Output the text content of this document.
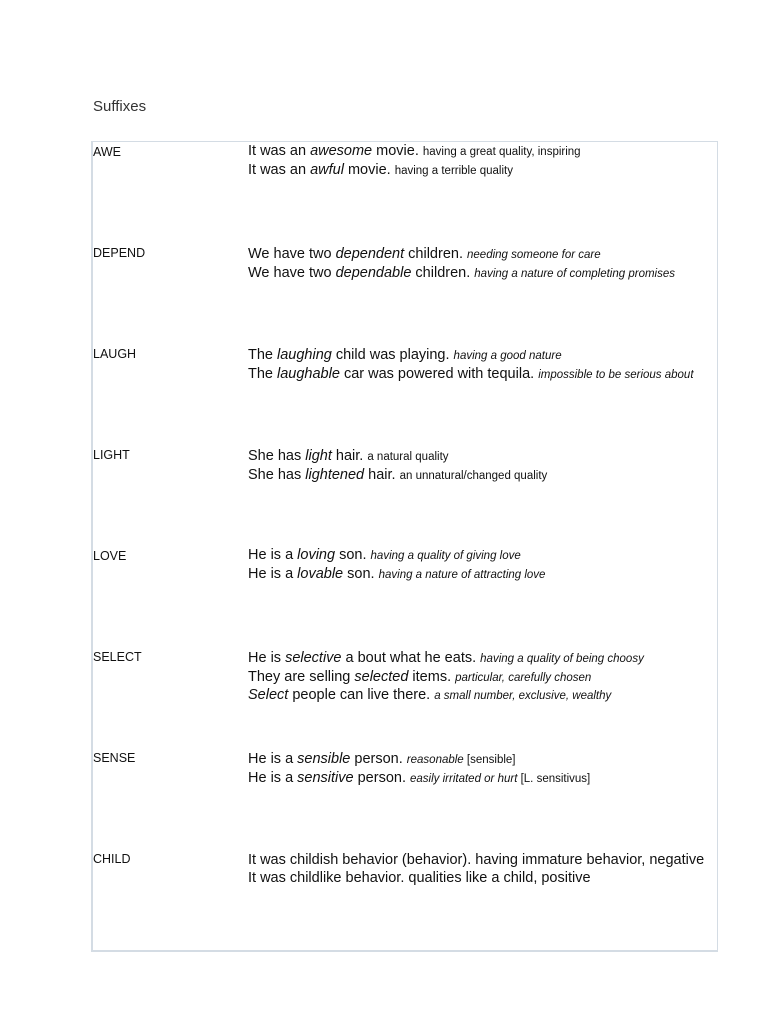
Suffixes
AWE	It was an awesome movie. having a great quality, inspiring
It was an awful movie. having a terrible quality
DEPEND	We have two dependent children. needing someone for care
We have two dependable children. having a nature of completing promises
LAUGH	The laughing child was playing. having a good nature
The laughable car was powered with tequila. impossible to be serious about
LIGHT	She has light hair. a natural quality
She has lightened hair. an unnatural/changed quality
LOVE	He is a loving son. having a quality of giving love
He is a lovable son. having a nature of attracting love
SELECT	He is selective a bout what he eats. having a quality of being choosy
They are selling selected items. particular, carefully chosen
Select people can live there. a small number, exclusive, wealthy
SENSE	He is a sensible person. reasonable [sensible]
He is a sensitive person. easily irritated or hurt [L. sensitivus]
CHILD	It was childish behavior (behavior). having immature behavior, negative
It was childlike behavior. qualities like a child, positive
